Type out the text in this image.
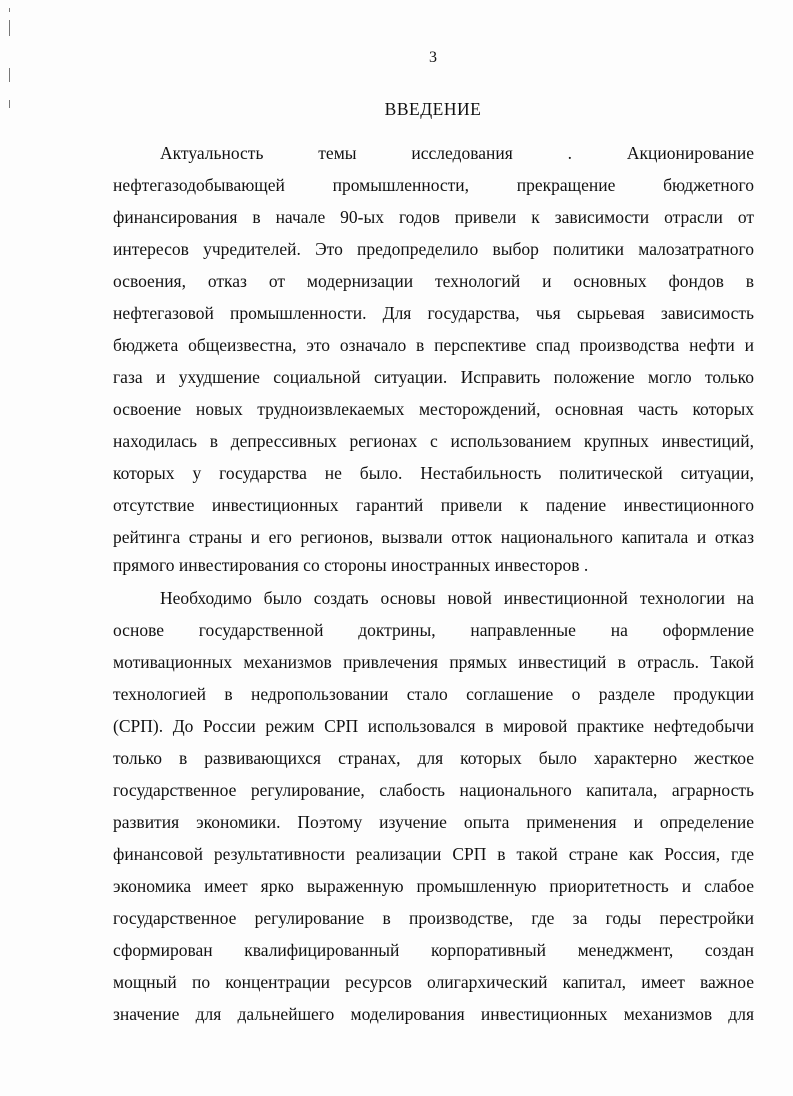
3
ВВЕДЕНИЕ
Актуальность темы исследования . Акционирование
нефтегазодобывающей промышленности, прекращение бюджетного
финансирования в начале 90-ых годов привели к зависимости отрасли от
интересов учредителей. Это предопределило выбор политики малозатратного
освоения, отказ от модернизации технологий и основных фондов в
нефтегазовой промышленности. Для государства, чья сырьевая зависимость
бюджета общеизвестна, это означало в перспективе спад производства нефти и
газа и ухудшение социальной ситуации. Исправить положение могло только
освоение новых трудноизвлекаемых месторождений, основная часть которых
находилась в депрессивных регионах с использованием крупных инвестиций,
которых у государства не было. Нестабильность политической ситуации,
отсутствие инвестиционных гарантий привели к падение инвестиционного
рейтинга страны и его регионов, вызвали отток национального капитала и отказ
прямого инвестирования со стороны иностранных инвесторов .
Необходимо было создать основы новой инвестиционной технологии на
основе государственной доктрины, направленные на оформление
мотивационных механизмов привлечения прямых инвестиций в отрасль. Такой
технологией в недропользовании стало соглашение о разделе продукции
(СРП). До России режим СРП использовался в мировой практике нефтедобычи
только в развивающихся странах, для которых было характерно жесткое
государственное регулирование, слабость национального капитала, аграрность
развития экономики. Поэтому изучение опыта применения и определение
финансовой результативности реализации СРП в такой стране как Россия, где
экономика имеет ярко выраженную промышленную приоритетность и слабое
государственное регулирование в производстве, где за годы перестройки
сформирован квалифицированный корпоративный менеджмент, создан
мощный по концентрации ресурсов олигархический капитал, имеет важное
значение для дальнейшего моделирования инвестиционных механизмов для
